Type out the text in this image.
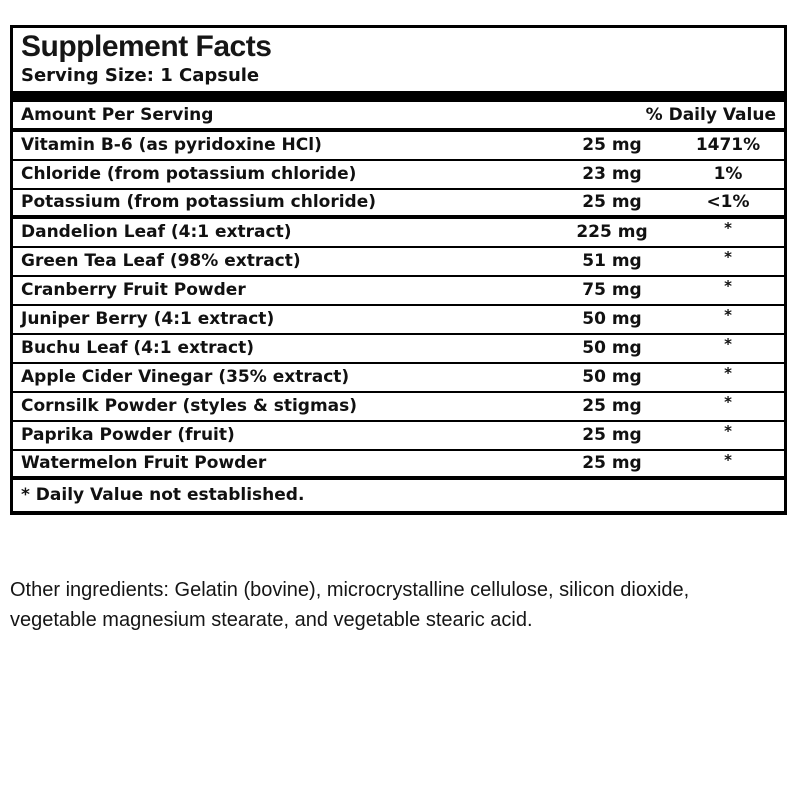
Supplement Facts
Serving Size: 1 Capsule
Amount Per Serving	% Daily Value
Vitamin B-6 (as pyridoxine HCl)	25 mg	1471%
Chloride (from potassium chloride)	23 mg	1%
Potassium (from potassium chloride)	25 mg	<1%
Dandelion Leaf (4:1 extract)	225 mg	*
Green Tea Leaf (98% extract)	51 mg	*
Cranberry Fruit Powder	75 mg	*
Juniper Berry (4:1 extract)	50 mg	*
Buchu Leaf (4:1 extract)	50 mg	*
Apple Cider Vinegar (35% extract)	50 mg	*
Cornsilk Powder (styles & stigmas)	25 mg	*
Paprika Powder (fruit)	25 mg	*
Watermelon Fruit Powder	25 mg	*
* Daily Value not established.
Other ingredients: Gelatin (bovine), microcrystalline cellulose, silicon dioxide,
vegetable magnesium stearate, and vegetable stearic acid.
